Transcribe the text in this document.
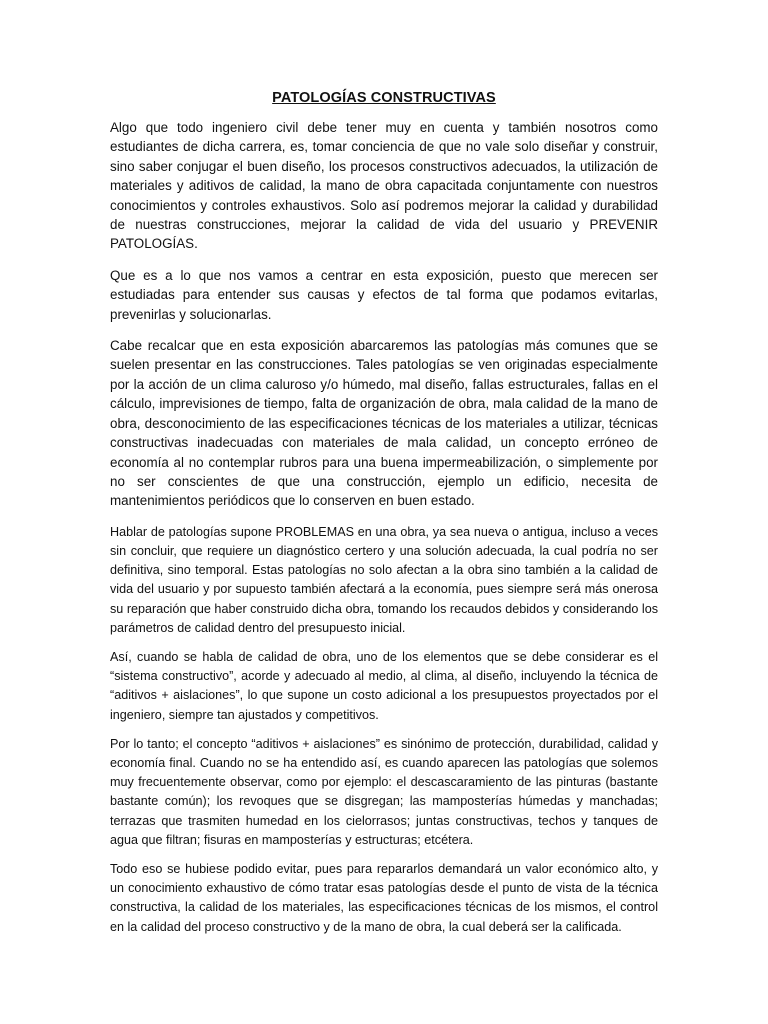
PATOLOGÍAS CONSTRUCTIVAS

Algo que todo ingeniero civil debe tener muy en cuenta y también nosotros como estudiantes de dicha carrera, es, tomar conciencia de que no vale solo diseñar y construir, sino saber conjugar el buen diseño, los procesos constructivos adecuados, la utilización de materiales y aditivos de calidad, la mano de obra capacitada conjuntamente con nuestros conocimientos y controles exhaustivos. Solo así podremos mejorar la calidad y durabilidad de nuestras construcciones, mejorar la calidad de vida del usuario y PREVENIR PATOLOGÍAS.

Que es a lo que nos vamos a centrar en esta exposición, puesto que merecen ser estudiadas para entender sus causas y efectos de tal forma que podamos evitarlas, prevenirlas y solucionarlas.

Cabe recalcar que en esta exposición abarcaremos las patologías más comunes que se suelen presentar en las construcciones. Tales patologías se ven originadas especialmente por la acción de un clima caluroso y/o húmedo, mal diseño, fallas estructurales, fallas en el cálculo, imprevisiones de tiempo, falta de organización de obra, mala calidad de la mano de obra, desconocimiento de las especificaciones técnicas de los materiales a utilizar, técnicas constructivas inadecuadas con materiales de mala calidad, un concepto erróneo de economía al no contemplar rubros para una buena impermeabilización, o simplemente por no ser conscientes de que una construcción, ejemplo un edificio, necesita de mantenimientos periódicos que lo conserven en buen estado.

Hablar de patologías supone PROBLEMAS en una obra, ya sea nueva o antigua, incluso a veces sin concluir, que requiere un diagnóstico certero y una solución adecuada, la cual podría no ser definitiva, sino temporal. Estas patologías no solo afectan a la obra sino también a la calidad de vida del usuario y por supuesto también afectará a la economía, pues siempre será más onerosa su reparación que haber construido dicha obra, tomando los recaudos debidos y considerando los parámetros de calidad dentro del presupuesto inicial.

Así, cuando se habla de calidad de obra, uno de los elementos que se debe considerar es el “sistema constructivo”, acorde y adecuado al medio, al clima, al diseño, incluyendo la técnica de “aditivos + aislaciones”, lo que supone un costo adicional a los presupuestos proyectados por el ingeniero, siempre tan ajustados y competitivos.

Por lo tanto; el concepto “aditivos + aislaciones” es sinónimo de protección, durabilidad, calidad y economía final. Cuando no se ha entendido así, es cuando aparecen las patologías que solemos muy frecuentemente observar, como por ejemplo: el descascaramiento de las pinturas (bastante bastante común); los revoques que se disgregan; las mamposterías húmedas y manchadas; terrazas que trasmiten humedad en los cielorrasos; juntas constructivas, techos y tanques de agua que filtran; fisuras en mamposterías y estructuras; etcétera.

Todo eso se hubiese podido evitar, pues para repararlos demandará un valor económico alto, y un conocimiento exhaustivo de cómo tratar esas patologías desde el punto de vista de la técnica constructiva, la calidad de los materiales, las especificaciones técnicas de los mismos, el control en la calidad del proceso constructivo y de la mano de obra, la cual deberá ser la calificada.
